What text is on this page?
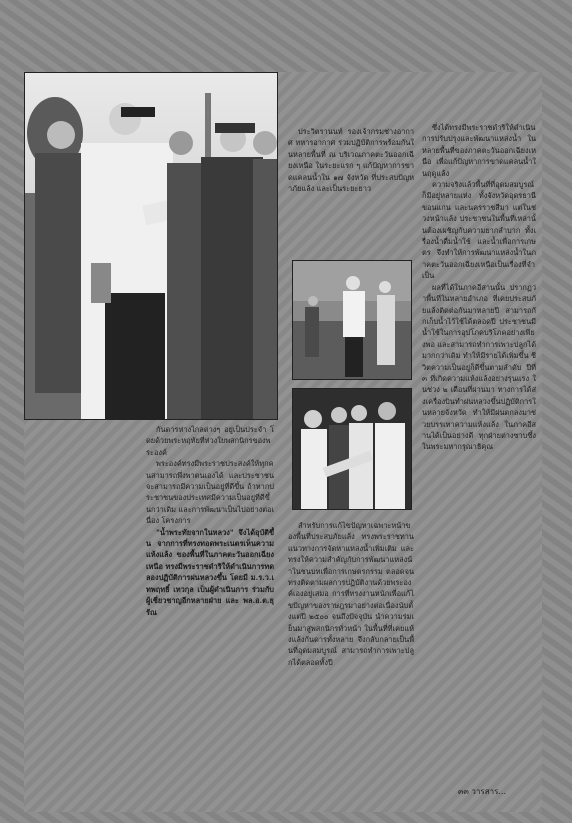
กันดารห่างไกลต่างๆ อยู่เป็นประจำ โดยด้วยพระหฤทัยที่ห่วงใยพสกนิกรของพระองค์

พระองค์ทรงมีพระราชประสงค์ให้ทุกคนสามารถพึ่งพาตนเองได้ และประชาชนจะสามารถมีความเป็นอยู่ที่ดีขึ้น ถ้าหากประชาชนของประเทศมีความเป็นอยู่ที่ดีขึ้นกว่าเดิม และการพัฒนาเป็นไปอย่างต่อเนื่อง โครงการ

"น้ำพระทัยจากในหลวง" จึงได้อุบัติขึ้น จากการที่ทรงทอดพระเนตรเห็นความแห้งแล้ง ของพื้นที่ในภาคตะวันออกเฉียงเหนือ ทรงมีพระราชดำริให้ดำเนินการทดลองปฏิบัติการฝนหลวงขึ้น โดยมี ม.ร.ว.เทพฤทธิ์ เทวกุล เป็นผู้ดำเนินการ ร่วมกับผู้เชี่ยวชาญอีกหลายฝ่าย และ พล.อ.ต.ธุรัณ

ประวิตรานนท์ รองเจ้ากรมช่างอากาศ ทหารอากาศ ร่วมปฏิบัติการพร้อมกันในหลายพื้นที่ ณ บริเวณภาคตะวันออกเฉียงเหนือ ในระยะแรก ๆ แก้ปัญหาการขาดแคลนน้ำใน ๑๗ จังหวัด ที่ประสบปัญหาภัยแล้ง และเป็นระยะยาว

สำหรับการแก้ไขปัญหาเฉพาะหน้าของพื้นที่ประสบภัยแล้ง ทรงพระราชทานแนวทางการจัดหาแหล่งน้ำเพิ่มเติม และทรงให้ความสำคัญกับการพัฒนาแหล่งน้ำในชนบทเพื่อการเกษตรกรรม ตลอดจนทรงติดตามผลการปฏิบัติงานด้วยพระองค์เองอยู่เสมอ การที่ทรงงานหนักเพื่อแก้ไขปัญหาของราษฎรมาอย่างต่อเนื่องนับตั้งแต่ปี ๒๕๐๐ จนถึงปัจจุบัน นำความร่มเย็นมาสู่พสกนิกรทั่วหน้า ในพื้นที่ที่เคยแห้งแล้งกันดารทั้งหลาย จึงกลับกลายเป็นพื้นที่อุดมสมบูรณ์ สามารถทำการเพาะปลูกได้ตลอดทั้งปี

ซึ่งได้ทรงมีพระราชดำริให้ดำเนินการปรับปรุงและพัฒนาแหล่งน้ำ ในหลายพื้นที่ของภาคตะวันออกเฉียงเหนือ เพื่อแก้ปัญหาการขาดแคลนน้ำในฤดูแล้ง

ความจริงแล้วพื้นที่ที่อุดมสมบูรณ์ ก็มีอยู่หลายแห่ง ทั้งจังหวัดอุดรธานี ขอนแก่น และนครราชสีมา แต่ในช่วงหน้าแล้ง ประชาชนในพื้นที่เหล่านั้นต้องเผชิญกับความยากลำบาก ทั้งเรื่องน้ำดื่มน้ำใช้ และน้ำเพื่อการเกษตร จึงทำให้การพัฒนาแหล่งน้ำในภาคตะวันออกเฉียงเหนือเป็นเรื่องที่จำเป็น

ผลที่ได้ในภาคอีสานนั้น ปรากฏว่าพื้นที่ในหลายอำเภอ ที่เคยประสบภัยแล้งติดต่อกันมาหลายปี สามารถกักเก็บน้ำไว้ใช้ได้ตลอดปี ประชาชนมีน้ำใช้ในการอุปโภคบริโภคอย่างเพียงพอ และสามารถทำการเพาะปลูกได้มากกว่าเดิม ทำให้มีรายได้เพิ่มขึ้น ชีวิตความเป็นอยู่ก็ดีขึ้นตามลำดับ ปีที่ ๓ ที่เกิดความแห้งแล้งอย่างรุนแรง ในช่วง ๒ เดือนที่ผ่านมา ทางการได้ส่งเครื่องบินทำฝนหลวงขึ้นปฏิบัติการในหลายจังหวัด ทำให้มีฝนตกลงมาช่วยบรรเทาความแห้งแล้ง ในภาคอีสานได้เป็นอย่างดี ทุกฝ่ายต่างซาบซึ้งในพระมหากรุณาธิคุณ

๓๓ วารสาร...
